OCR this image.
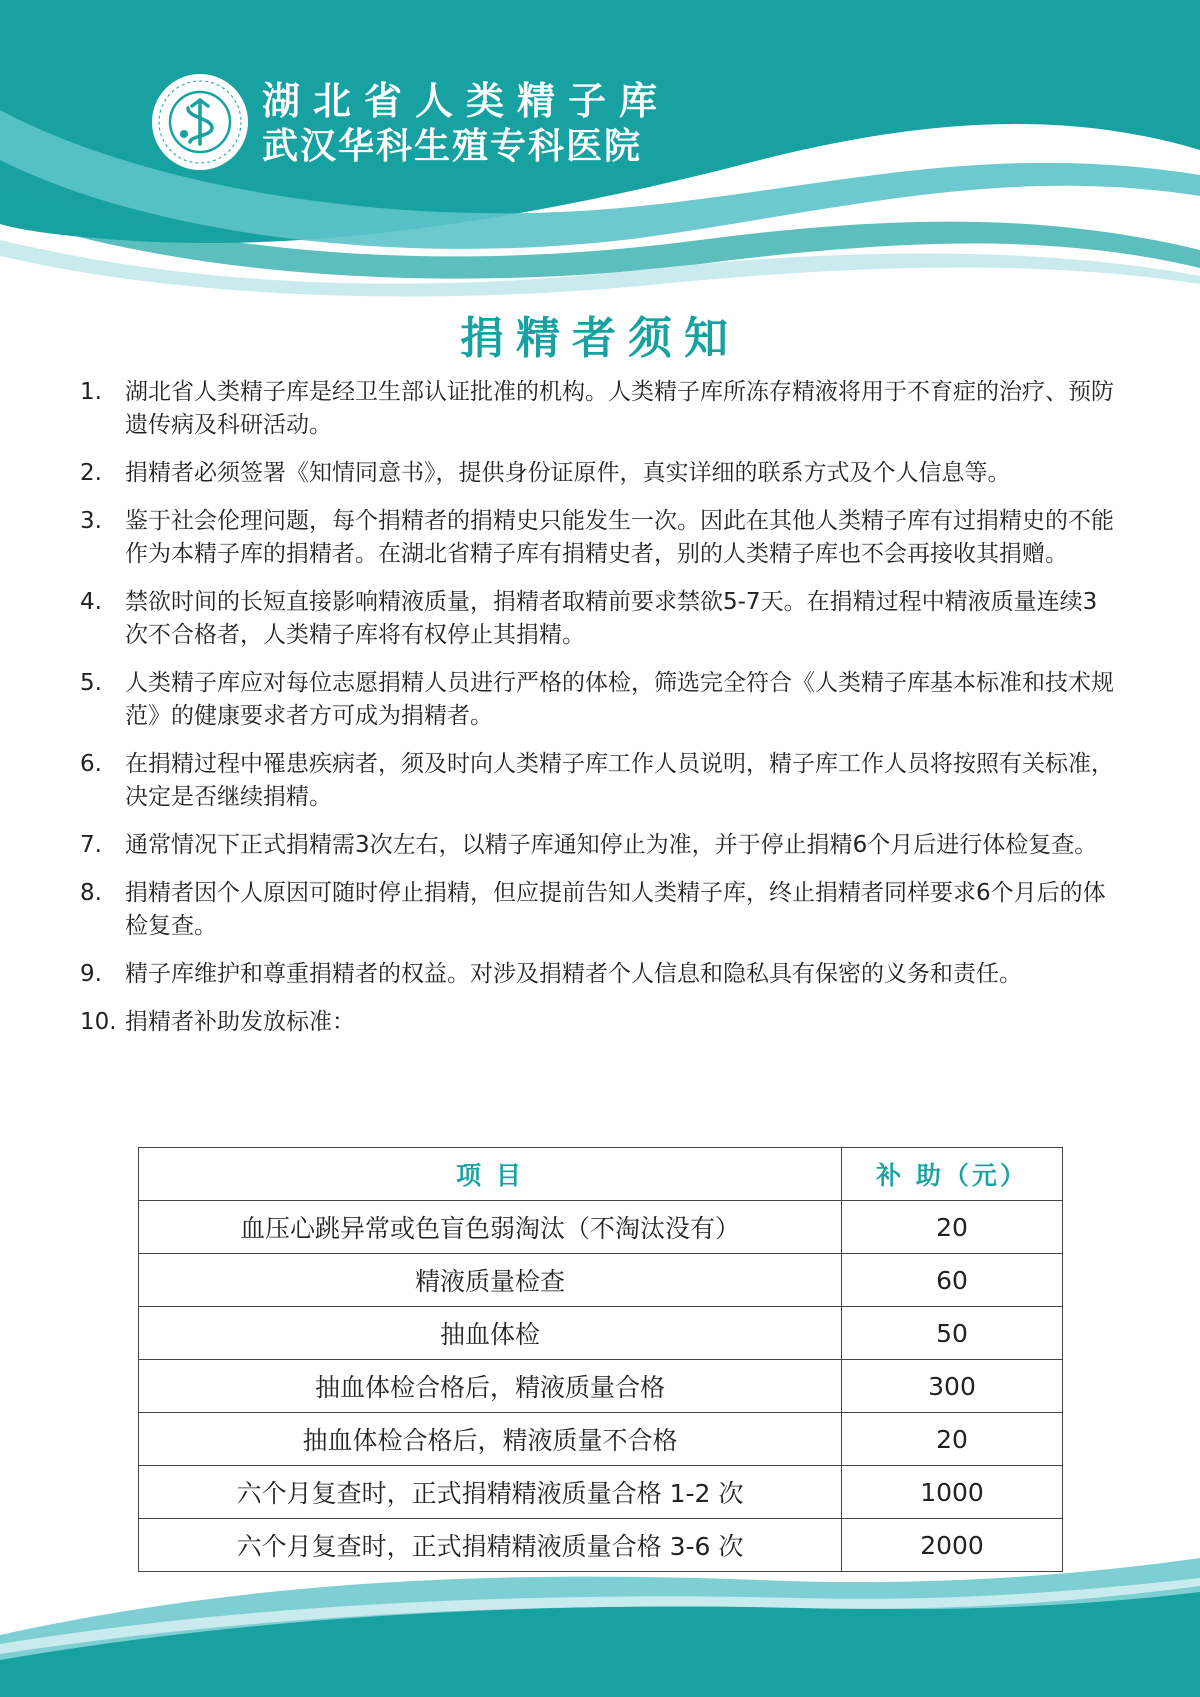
湖北省人类精子库
武汉华科生殖专科医院
捐精者须知
1.	湖北省人类精子库是经卫生部认证批准的机构。人类精子库所冻存精液将用于不育症的治疗、预防遗传病及科研活动。
2.	捐精者必须签署《知情同意书》，提供身份证原件，真实详细的联系方式及个人信息等。
3.	鉴于社会伦理问题，每个捐精者的捐精史只能发生一次。因此在其他人类精子库有过捐精史的不能作为本精子库的捐精者。在湖北省精子库有捐精史者，别的人类精子库也不会再接收其捐赠。
4.	禁欲时间的长短直接影响精液质量，捐精者取精前要求禁欲5-7天。在捐精过程中精液质量连续3次不合格者，人类精子库将有权停止其捐精。
5.	人类精子库应对每位志愿捐精人员进行严格的体检，筛选完全符合《人类精子库基本标准和技术规范》的健康要求者方可成为捐精者。
6.	在捐精过程中罹患疾病者，须及时向人类精子库工作人员说明，精子库工作人员将按照有关标准，决定是否继续捐精。
7.	通常情况下正式捐精需3次左右，以精子库通知停止为准，并于停止捐精6个月后进行体检复查。
8.	捐精者因个人原因可随时停止捐精，但应提前告知人类精子库，终止捐精者同样要求6个月后的体检复查。
9.	精子库维护和尊重捐精者的权益。对涉及捐精者个人信息和隐私具有保密的义务和责任。
10. 捐精者补助发放标准：
项 目	补 助（元）
血压心跳异常或色盲色弱淘汰（不淘汰没有）	20
精液质量检查	60
抽血体检	50
抽血体检合格后，精液质量合格	300
抽血体检合格后，精液质量不合格	20
六个月复查时，正式捐精精液质量合格 1-2 次	1000
六个月复查时，正式捐精精液质量合格 3-6 次	2000
